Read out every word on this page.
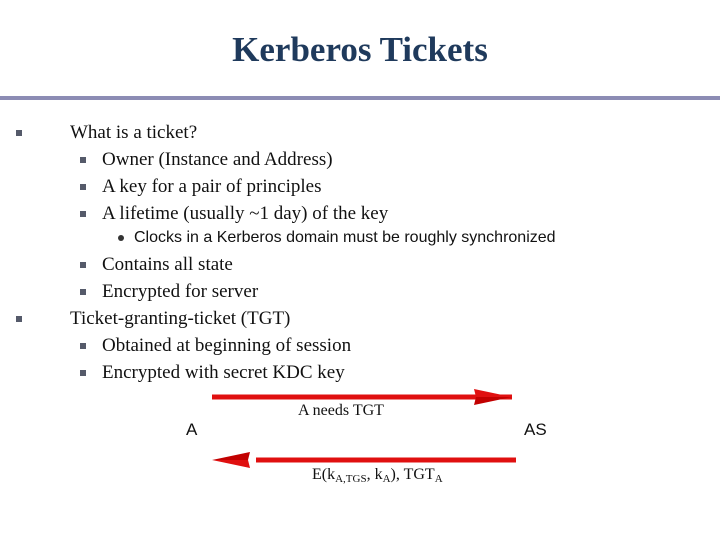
Kerberos Tickets
What is a ticket?
Owner (Instance and Address)
A key for a pair of principles
A lifetime (usually ~1 day) of the key
Clocks in a Kerberos domain must be roughly synchronized
Contains all state
Encrypted for server
Ticket-granting-ticket (TGT)
Obtained at beginning of session
Encrypted with secret KDC key
A	AS
A needs TGT
$E(k_{A,TGS}$, $k_A$), $TGT_A$
